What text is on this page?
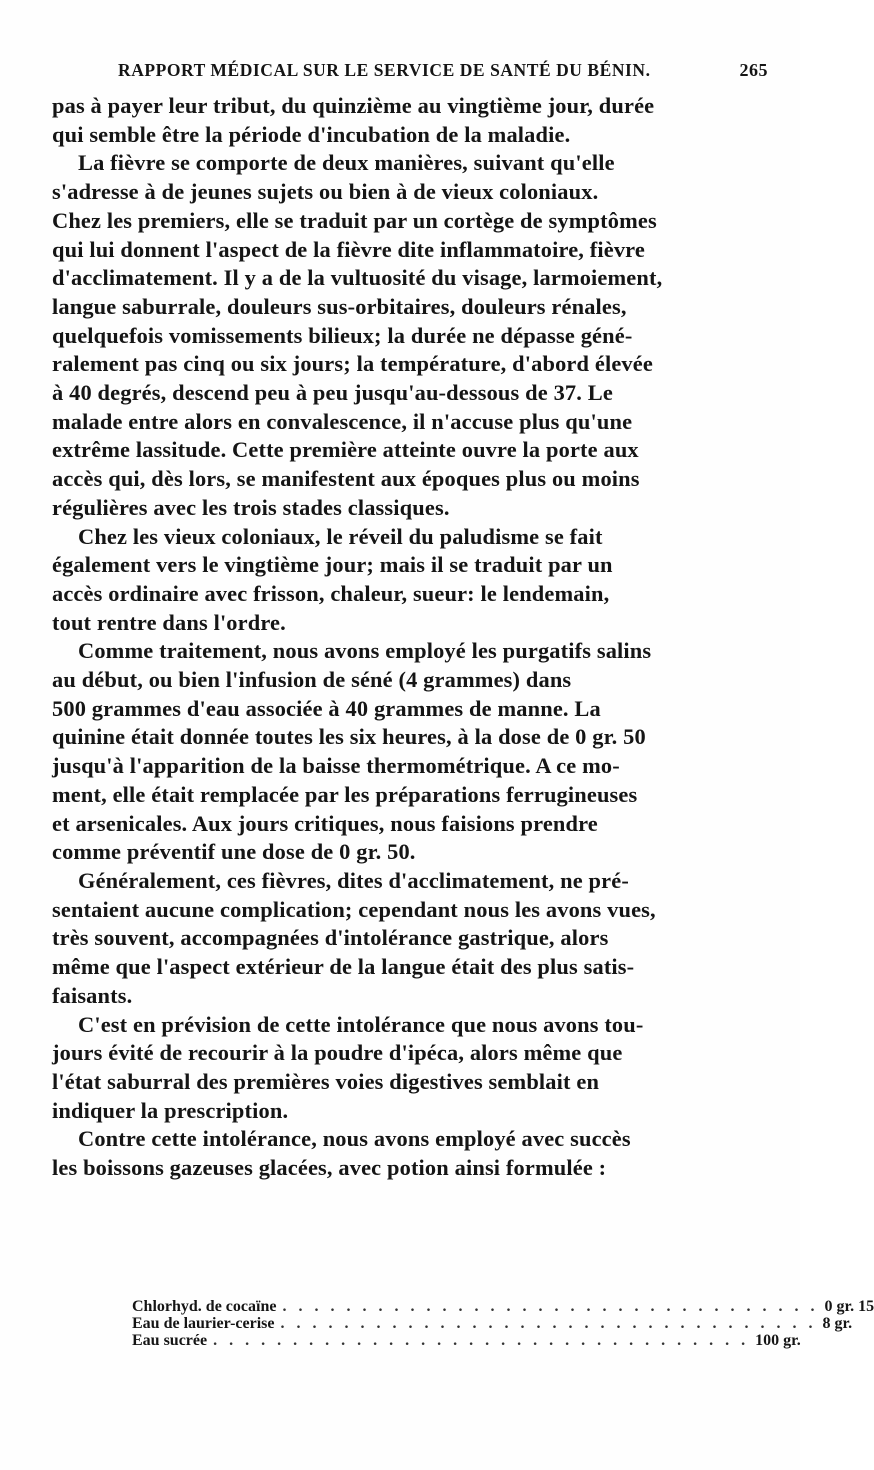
RAPPORT MÉDICAL SUR LE SERVICE DE SANTÉ DU BÉNIN.	265

pas à payer leur tribut, du quinzième au vingtième jour, durée
qui semble être la période d'incubation de la maladie.

La fièvre se comporte de deux manières, suivant qu'elle
s'adresse à de jeunes sujets ou bien à de vieux coloniaux.
Chez les premiers, elle se traduit par un cortège de symptômes
qui lui donnent l'aspect de la fièvre dite inflammatoire, fièvre
d'acclimatement. Il y a de la vultuosité du visage, larmoiement,
langue saburrale, douleurs sus-orbitaires, douleurs rénales,
quelquefois vomissements bilieux; la durée ne dépasse géné-
ralement pas cinq ou six jours; la température, d'abord élevée
à 40 degrés, descend peu à peu jusqu'au-dessous de 37. Le
malade entre alors en convalescence, il n'accuse plus qu'une
extrême lassitude. Cette première atteinte ouvre la porte aux
accès qui, dès lors, se manifestent aux époques plus ou moins
régulières avec les trois stades classiques.

Chez les vieux coloniaux, le réveil du paludisme se fait
également vers le vingtième jour; mais il se traduit par un
accès ordinaire avec frisson, chaleur, sueur: le lendemain,
tout rentre dans l'ordre.

Comme traitement, nous avons employé les purgatifs salins
au début, ou bien l'infusion de séné (4 grammes) dans
500 grammes d'eau associée à 40 grammes de manne. La
quinine était donnée toutes les six heures, à la dose de 0 gr. 50
jusqu'à l'apparition de la baisse thermométrique. A ce mo-
ment, elle était remplacée par les préparations ferrugineuses
et arsenicales. Aux jours critiques, nous faisions prendre
comme préventif une dose de 0 gr. 50.

Généralement, ces fièvres, dites d'acclimatement, ne pré-
sentaient aucune complication; cependant nous les avons vues,
très souvent, accompagnées d'intolérance gastrique, alors
même que l'aspect extérieur de la langue était des plus satis-
faisants.

C'est en prévision de cette intolérance que nous avons tou-
jours évité de recourir à la poudre d'ipéca, alors même que
l'état saburral des premières voies digestives semblait en
indiquer la prescription.

Contre cette intolérance, nous avons employé avec succès
les boissons gazeuses glacées, avec potion ainsi formulée :

Chlorhyd. de cocaïne . . . . . . . . . . . . . . . . . . . . . . . . . . . . . . . . . . 0 gr. 15
Eau de laurier-cerise . . . . . . . . . . . . . . . . . . . . . . . . . . . . . . . . . . 8 gr.
Eau sucrée . . . . . . . . . . . . . . . . . . . . . . . . . . . . . . . . . . 100 gr.
